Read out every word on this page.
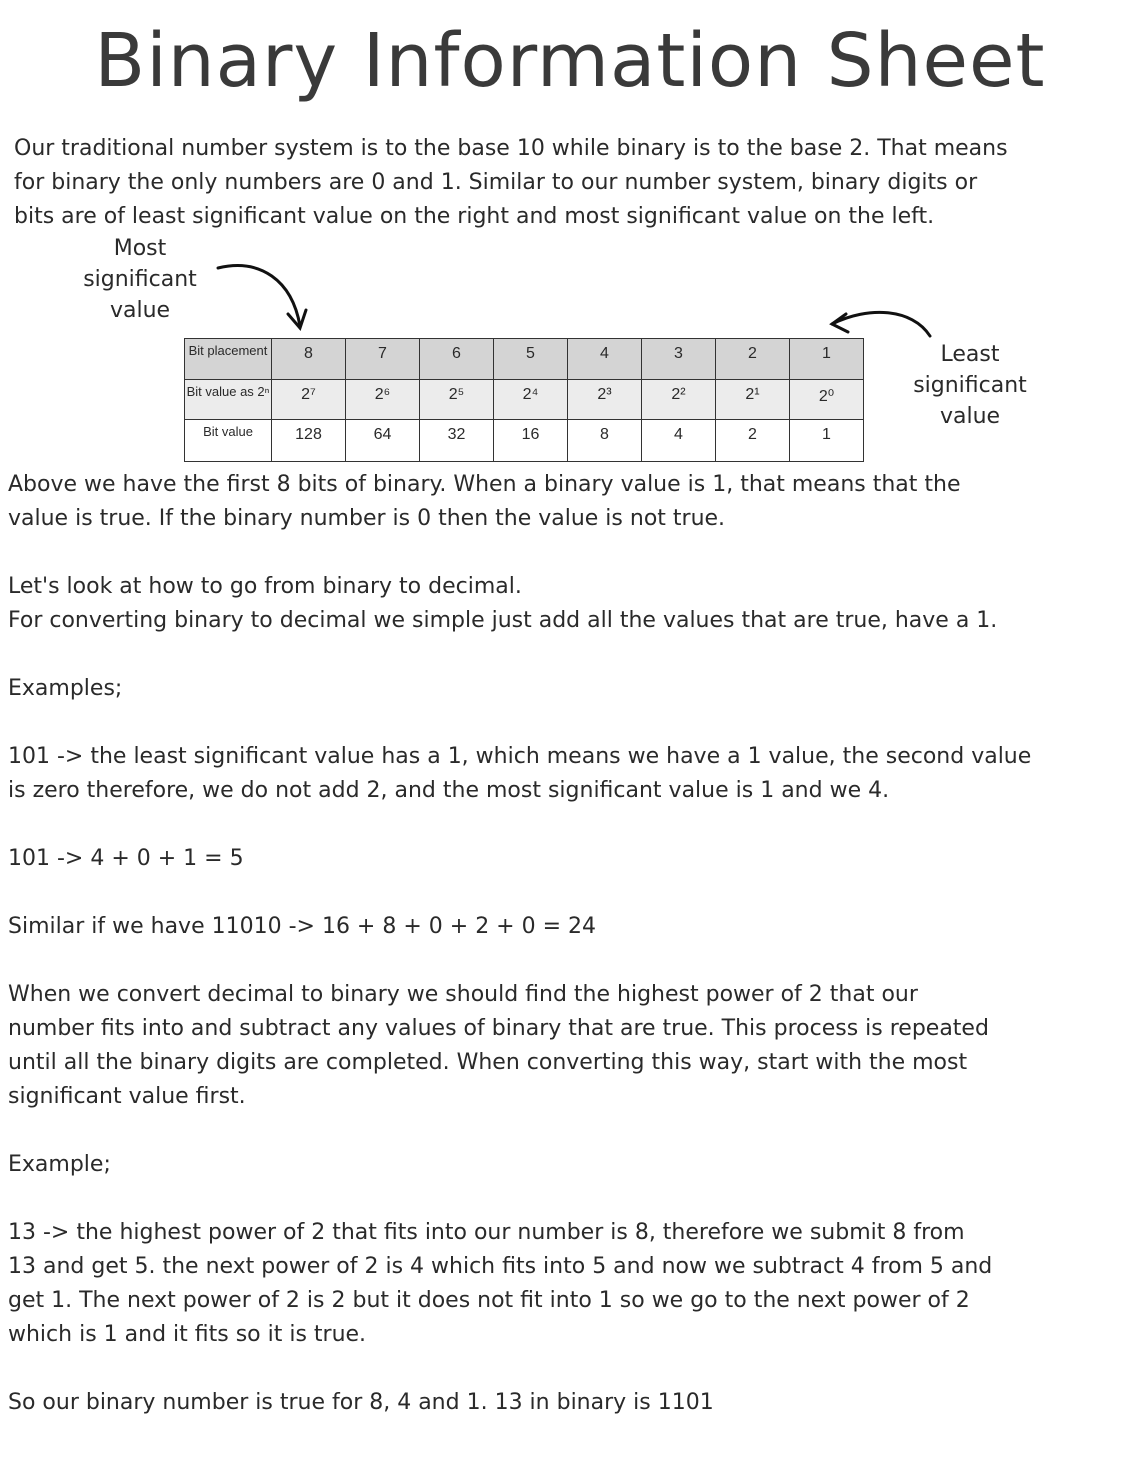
Binary Information Sheet
Our traditional number system is to the base 10 while binary is to the base 2. That means
for binary the only numbers are 0 and 1. Similar to our number system, binary digits or
bits are of least significant value on the right and most significant value on the left.
Most
significant
value
Least
significant
value
Bit placement	8	7	6	5	4	3	2	1
Bit value as 2ⁿ	2⁷	2⁶	2⁵	2⁴	2³	2²	2¹	2⁰
Bit value	128	64	32	16	8	4	2	1
Above we have the first 8 bits of binary. When a binary value is 1, that means that the
value is true. If the binary number is 0 then the value is not true.
Let's look at how to go from binary to decimal.
For converting binary to decimal we simple just add all the values that are true, have a 1.
Examples;
101 -> the least significant value has a 1, which means we have a 1 value, the second value
is zero therefore, we do not add 2, and the most significant value is 1 and we 4.
101 -> 4 + 0 + 1 = 5
Similar if we have 11010 -> 16 + 8 + 0 + 2 + 0 = 24
When we convert decimal to binary we should find the highest power of 2 that our
number fits into and subtract any values of binary that are true. This process is repeated
until all the binary digits are completed. When converting this way, start with the most
significant value first.
Example;
13 -> the highest power of 2 that fits into our number is 8, therefore we submit 8 from
13 and get 5. the next power of 2 is 4 which fits into 5 and now we subtract 4 from 5 and
get 1. The next power of 2 is 2 but it does not fit into 1 so we go to the next power of 2
which is 1 and it fits so it is true.
So our binary number is true for 8, 4 and 1. 13 in binary is 1101
